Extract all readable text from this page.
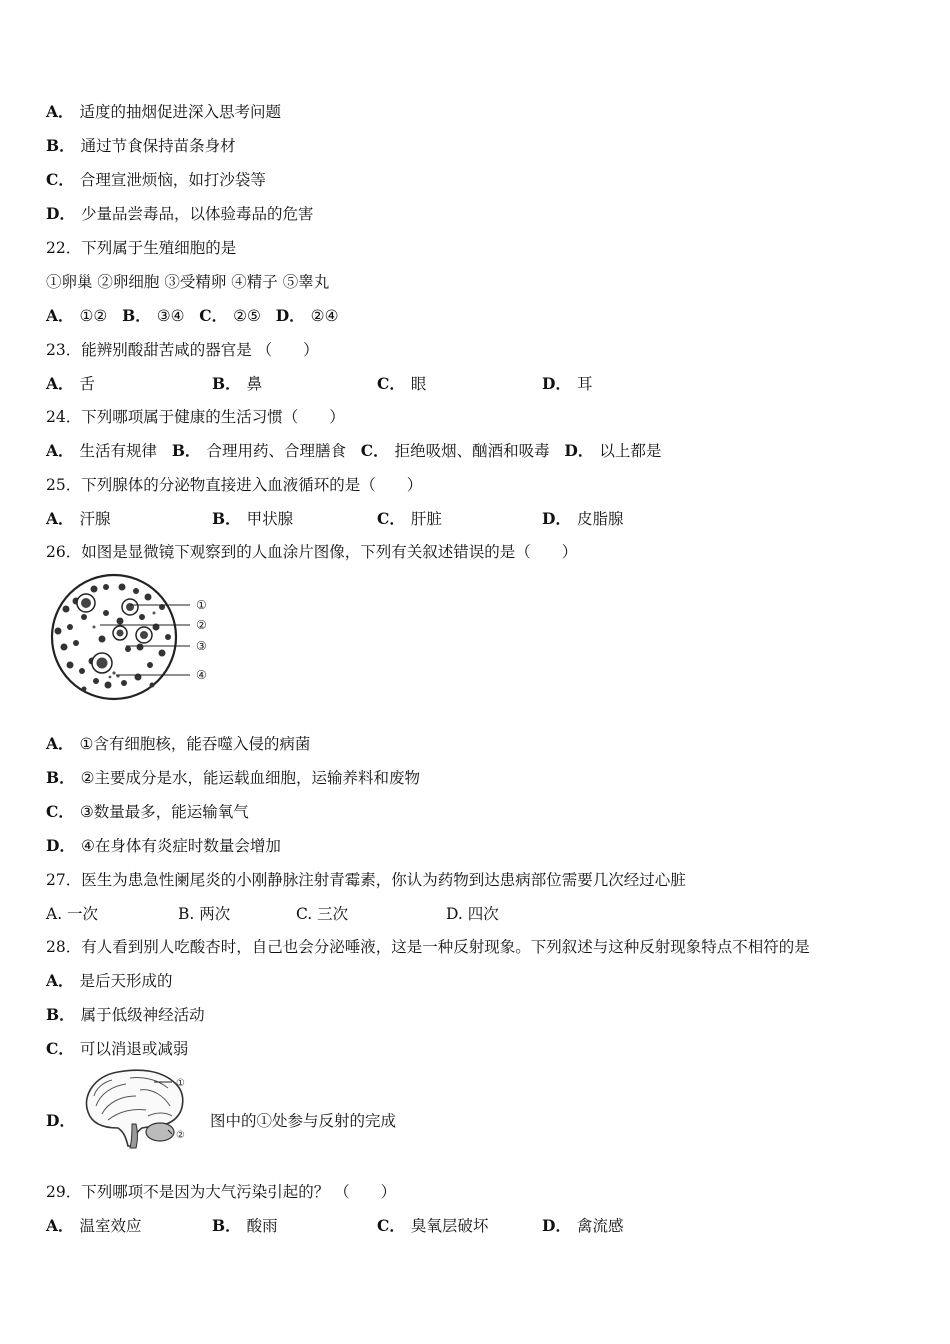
A． 适度的抽烟促进深入思考问题
B． 通过节食保持苗条身材
C． 合理宣泄烦恼，如打沙袋等
D． 少量品尝毒品，以体验毒品的危害
22．下列属于生殖细胞的是
①卵巢 ②卵细胞 ③受精卵 ④精子 ⑤睾丸
A． ①② B． ③④ C． ②⑤ D． ②④
23．能辨别酸甜苦咸的器官是 （　　）
A． 舌	B． 鼻	C． 眼	D． 耳
24．下列哪项属于健康的生活习惯（　　）
A． 生活有规律 B． 合理用药、合理膳食 C． 拒绝吸烟、酗酒和吸毒 D． 以上都是
25．下列腺体的分泌物直接进入血液循环的是（　　）
A． 汗腺	B． 甲状腺	C． 肝脏	D． 皮脂腺
26．如图是显微镜下观察到的人血涂片图像，下列有关叙述错误的是（　　）
①
②
③
④
A． ①含有细胞核，能吞噬入侵的病菌
B． ②主要成分是水，能运载血细胞，运输养料和废物
C． ③数量最多，能运输氧气
D． ④在身体有炎症时数量会增加
27．医生为患急性阑尾炎的小刚静脉注射青霉素，你认为药物到达患病部位需要几次经过心脏
A. 一次	B. 两次	C. 三次	D. 四次
28．有人看到别人吃酸杏时，自己也会分泌唾液，这是一种反射现象。下列叙述与这种反射现象特点不相符的是
A． 是后天形成的
B． 属于低级神经活动
C． 可以消退或减弱
D．
①
②
图中的①处参与反射的完成
29．下列哪项不是因为大气污染引起的？ （　　）
A． 温室效应	B． 酸雨	C． 臭氧层破坏	D． 禽流感
